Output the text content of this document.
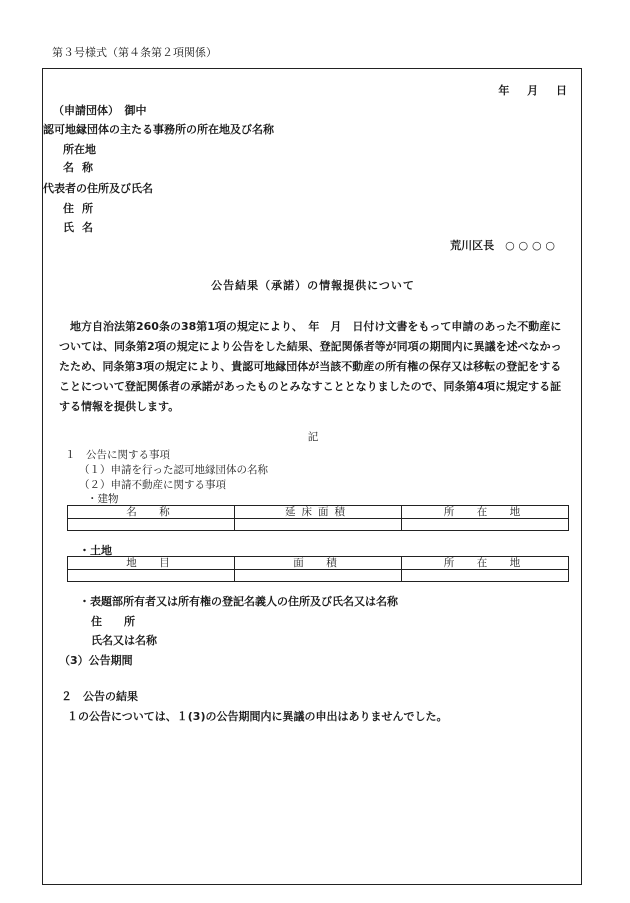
第３号様式（第４条第２項関係）
年 月 日
（申請団体）　御中
認可地縁団体の主たる事務所の所在地及び名称
所在地
名称
代表者の住所及び氏名
住所
氏名
荒川区長　○ ○ ○ ○
公告結果（承諾）の情報提供について

　地方自治法第260条の38第1項の規定により、　年　月　日付け文書をもって申請のあった不動産については、同条第2項の規定により公告をした結果、登記関係者等が同項の期間内に異議を述べなかったため、同条第3項の規定により、貴認可地縁団体が当該不動産の所有権の保存又は移転の登記をすることについて登記関係者の承諾があったものとみなすこととなりましたので、同条第4項に規定する証する情報を提供します。

記
１　公告に関する事項
（１）申請を行った認可地縁団体の名称
（２）申請不動産に関する事項
・建物
名　称	延床面積	所　在　地

・土地
地　目	面　積	所　在　地

・表題部所有者又は所有権の登記名義人の住所及び氏名又は名称
住　　所
氏名又は名称
（3）公告期間
２　公告の結果
１の公告については、１(3)の公告期間内に異議の申出はありませんでした。
